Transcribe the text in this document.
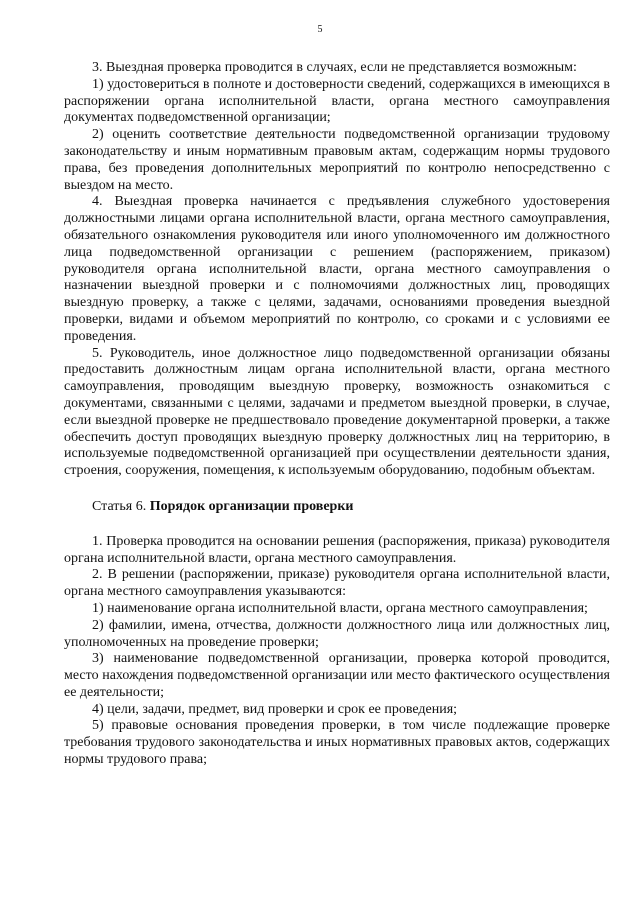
5

3. Выездная проверка проводится в случаях, если не представляется возможным:

1) удостовериться в полноте и достоверности сведений, содержащихся в имеющихся в распоряжении органа исполнительной власти, органа местного самоуправления документах подведомственной организации;

2) оценить соответствие деятельности подведомственной организации трудовому законодательству и иным нормативным правовым актам, содержащим нормы трудового права, без проведения дополнительных мероприятий по контролю непосредственно с выездом на место.

4. Выездная проверка начинается с предъявления служебного удостоверения должностными лицами органа исполнительной власти, органа местного самоуправления, обязательного ознакомления руководителя или иного уполномоченного им должностного лица подведомственной организации с решением (распоряжением, приказом) руководителя органа исполнительной власти, органа местного самоуправления о назначении выездной проверки и с полномочиями должностных лиц, проводящих выездную проверку, а также с целями, задачами, основаниями проведения выездной проверки, видами и объемом мероприятий по контролю, со сроками и с условиями ее проведения.

5. Руководитель, иное должностное лицо подведомственной организации обязаны предоставить должностным лицам органа исполнительной власти, органа местного самоуправления, проводящим выездную проверку, возможность ознакомиться с документами, связанными с целями, задачами и предметом выездной проверки, в случае, если выездной проверке не предшествовало проведение документарной проверки, а также обеспечить доступ проводящих выездную проверку должностных лиц на территорию, в используемые подведомственной организацией при осуществлении деятельности здания, строения, сооружения, помещения, к используемым оборудованию, подобным объектам.

Статья 6. Порядок организации проверки

1. Проверка проводится на основании решения (распоряжения, приказа) руководителя органа исполнительной власти, органа местного самоуправления.

2. В решении (распоряжении, приказе) руководителя органа исполнительной власти, органа местного самоуправления указываются:

1) наименование органа исполнительной власти, органа местного самоуправления;

2) фамилии, имена, отчества, должности должностного лица или должностных лиц, уполномоченных на проведение проверки;

3) наименование подведомственной организации, проверка которой проводится, место нахождения подведомственной организации или место фактического осуществления ее деятельности;

4) цели, задачи, предмет, вид проверки и срок ее проведения;

5) правовые основания проведения проверки, в том числе подлежащие проверке требования трудового законодательства и иных нормативных правовых актов, содержащих нормы трудового права;
